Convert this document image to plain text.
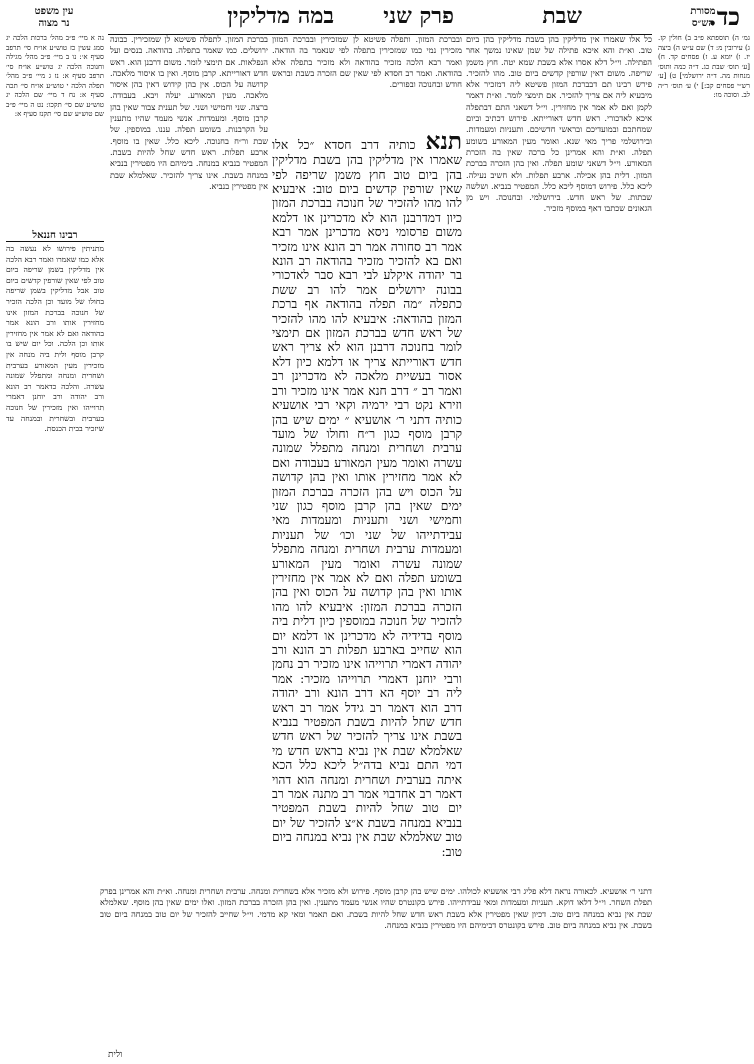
מסורת
הש״ס
עין משפט
נר מצוה	כד.
שבת
פרק שני
במה מדליקין

גמ׳ ה) תוספתא פ״ב ב) חולין קז. ג) עירובין מ: ד) שם ע״ש ה) ביצה יז. ו) יומא ע. ז) פסחים קד. ח) [ע׳ תוס׳ שבת כג. ד״ה כמה ותוס׳ מנחות מה. ד״ה ירושלמי] ט) [ע׳ רש״י פסחים קב:] י) ע׳ תוס׳ ר״ה לב. וסוכה מו:

כל אלו שאמרו אין מדליקין בהן בשבת מדליקין בהן ביום טוב. וא״ת והא איכא פתילה של שמן שאינו נמשך אחר הפתילה. וי״ל דלא אסרו אלא בשבת שמא יטה. חוץ משמן שריפה. משום דאין שורפין קדשים ביום טוב. מהו להזכיר. פירש רבינו תם דבברכת המזון פשיטא ליה דמזכיר אלא מיבעיא ליה אם צריך להזכיר. אם תימצי לומר. וא״ת דאמר לקמן ואם לא אמר אין מחזירין. וי״ל דשאני התם דבתפלה איכא לאדכורי. ראש חדש דאורייתא. פירוש דכתיב וביום שמחתכם ובמועדיכם ובראשי חדשיכם. ותעניות ומעמדות. ובירושלמי פריך מאי שנא. ואומר מעין המאורע בשומע תפלה. וא״ת והא אמרינן כל ברכה שאין בה הזכרת המאורע. וי״ל דשאני שומע תפלה. ואין בהן הזכרה בברכת המזון. דלית בהן אכילה. ארבע תפלות. ולא חשיב נעילה. ליכא כלל. פירוש דמוסף ליכא כלל. המפטיר בנביא. ושלשה שבתות. של ראש חדש. בירושלמי. ובחנוכה. ויש מן הגאונים שכתבו דאף במוסף מזכיר.

ובברכת המזון. ותפלה פשיטא לן שמזכירין ובברכת המזון מזכירין נמי כמו שמזכירין בתפלה לפי שנאמר בה הודאה. ואמר רבא הלכה מזכיר בהודאה ולא מזכיר בתפלה אלא בהודאה. ואמר רב חסדא לפי שאין שם הזכרה בשבת ובראש חודש ובחנוכה ובפורים.

תנא כותיה דרב חסדא ״כל אלו שאמרו אין מדליקין בהן בשבת מדליקין בהן ביום טוב חוץ משמן שריפה לפי שאין שורפין קדשים ביום טוב: איבעיא להו מהו להזכיר של חנוכה בברכת המזון כיון דמדרבנן הוא לא מדכרינן או דלמא משום פרסומי ניסא מדכרינן אמר רבא אמר רב סחורה אמר רב הונא אינו מזכיר ואם בא להזכיר מזכיר בהודאה רב הונא בר יהודה איקלע לבי רבא סבר לאדכורי בבונה ירושלים אמר להו רב ששת כתפלה ״מה תפלה בהודאה אף ברכת המזון בהודאה: איבעיא להו מהו להזכיר של ראש חדש בברכת המזון אם תימצי לומר בחנוכה דרבנן הוא לא צריך ראש חדש דאורייתא צריך או דלמא כיון דלא אסור בעשיית מלאכה לא מדכרינן רב ואמר רב ״ דרב חנא אמר אינו מזכיר ורב וזירא נקט רבי ירמיה וקאי רבי אושעיא כותיה דתני ר׳ אושעיא ״ ימים שיש בהן קרבן מוסף כגון ר״ח וחולו של מועד ערבית ושחרית ומנחה מתפלל שמונה עשרה ואומר מעין המאורע בעבודה ואם לא אמר מחזירין אותו ואין בהן קדושה על הכוס ויש בהן הזכרה בברכת המזון ימים שאין בהן קרבן מוסף כגון שני וחמישי ושני ותעניות ומעמדות מאי עבידתייהו של שני וכו׳ של תעניות ומעמדות ערבית ושחרית ומנחה מתפלל שמונה עשרה ואומר מעין המאורע בשומע תפלה ואם לא אמר אין מחזירין אותו ואין בהן קדושה על הכוס ואין בהן הזכרה בברכת המזון: איבעיא להו מהו להזכיר של חנוכה במוספין כיון דלית ביה מוסף בדידיה לא מדכרינן או דלמא יום הוא שחייב בארבע תפלות רב הונא ורב יהודה דאמרי תרוייהו אינו מזכיר רב נחמן ורבי יוחנן דאמרי תרוייהו מזכיר: אמר ליה רב יוסף הא דרב הונא ורב יהודה דרב הוא דאמר רב גידל אמר רב ראש חדש שחל להיות בשבת המפטיר בנביא בשבת אינו צריך להזכיר של ראש חדש שאלמלא שבת אין נביא בראש חדש מי דמי התם נביא בדה״ל ליכא כלל הכא איתה בערבית ושחרית ומנחה הוא דהוי דאמר רב אחדבוי אמר רב מתנה אמר רב יום טוב שחל להיות בשבת המפטיר בנביא במנחה בשבת א״צ להזכיר של יום טוב שאלמלא שבת אין נביא במנחה ביום טוב:

בברכת המזון. לתפלה פשיטא לן שמזכירין. כבונה ירושלים. כמו שאמר בתפלה. בהודאה. בנסים ועל הנפלאות. אם תימצי לומר. משום דרבנן הוא. ראש חדש דאורייתא. קרבן מוסף. ואין בו איסור מלאכה. קדושה על הכוס. אין בהן קידוש דאין בהן איסור מלאכה. מעין המאורע. יעלה ויבא. בעבודה. ברצה. שני וחמישי ושני. של תענית צבור שאין בהן קרבן מוסף. ומעמדות. אנשי מעמד שהיו מתענין על הקרבנות. בשומע תפלה. עננו. במוספין. של שבת ור״ח בחנוכה. ליכא כלל. שאין בו מוסף. ארבע תפלות. ראש חדש שחל להיות בשבת. המפטיר בנביא במנחה. בימיהם היו מפטירין בנביא במנחה בשבת. אינו צריך להזכיר. שאלמלא שבת אין מפטירין בנביא.

נה א מיי׳ פ״ב מהל׳ ברכות הלכה יג סמג עשין כז טוש״ע או״ח סי׳ תרפב סעיף א׳: נו ב מיי׳ פ״ב מהל׳ מגילה וחנוכה הלכה יג טוש״ע או״ח סי׳ תרפב סעיף א: נז ג מיי׳ פ״ב מהל׳ תפלה הלכה י טוש״ע או״ח סי׳ תכה סעיף א: נח ד מיי׳ שם הלכה יג טוש״ע שם סי׳ תקכו: נט ה מיי׳ פ״ב שם טוש״ע שם סי׳ תקנז סעיף א:

רבינו חננאל

מתניתין פירושו לא נעשה בה אלא כמו שאמרו ואמר רבא הלכה אין מדליקין בשמן שריפה ביום טוב לפי שאין שורפין קדשים ביום טוב אבל מדליקין בשמן שריפה בחולו של מועד וכן הלכה הזכיר של חנוכה בברכת המזון אינו מחזירין אותו ורב הונא אמר בהודאה ואם לא אמר אין מחזירין אותו וכן הלכה. וכל יום שיש בו קרבן מוסף ולית ביה מנחה אין מזכירין מעין המאורע בערבית ושחרית ומנחה ומתפלל שמונה עשרה. והלכה כדאמר רב הונא ורב יהודה ורב יוחנן דאמרי תרוייהו ואין מזכירין של חנוכה בערבית ובשחרית ובמנחה עד שיזכיר בבית הכנסת.

דתני ר׳ אושעיא. לכאורה נראה דלא פליג רבי אושעיא לכולהו. ימים שיש בהן קרבן מוסף. פירוש ולא מזכיר אלא בשחרית ומנחה. ערבית ושחרית ומנחה. וא״ת והא אמרינן בפרק תפלת השחר. וי״ל דלאו דוקא. תעניות ומעמדות ומאי עבידתייהו. פירש בקונטרס שהיו אנשי מעמד מתענין. ואין בהן הזכרה בברכת המזון. ואלו ימים שאין בהן מוסף. שאלמלא שבת אין נביא במנחה ביום טוב. דכיון שאין מפטירין אלא בשבת ראש חדש שחל להיות בשבת. ואם תאמר ומאי קא מדמי. וי״ל שחייב להזכיר של יום טוב במנחה ביום טוב בשבת. אין נביא במנחה ביום טוב. פירש בקונטרס דבימיהם היו מפטירין בנביא במנחה.

ולית
